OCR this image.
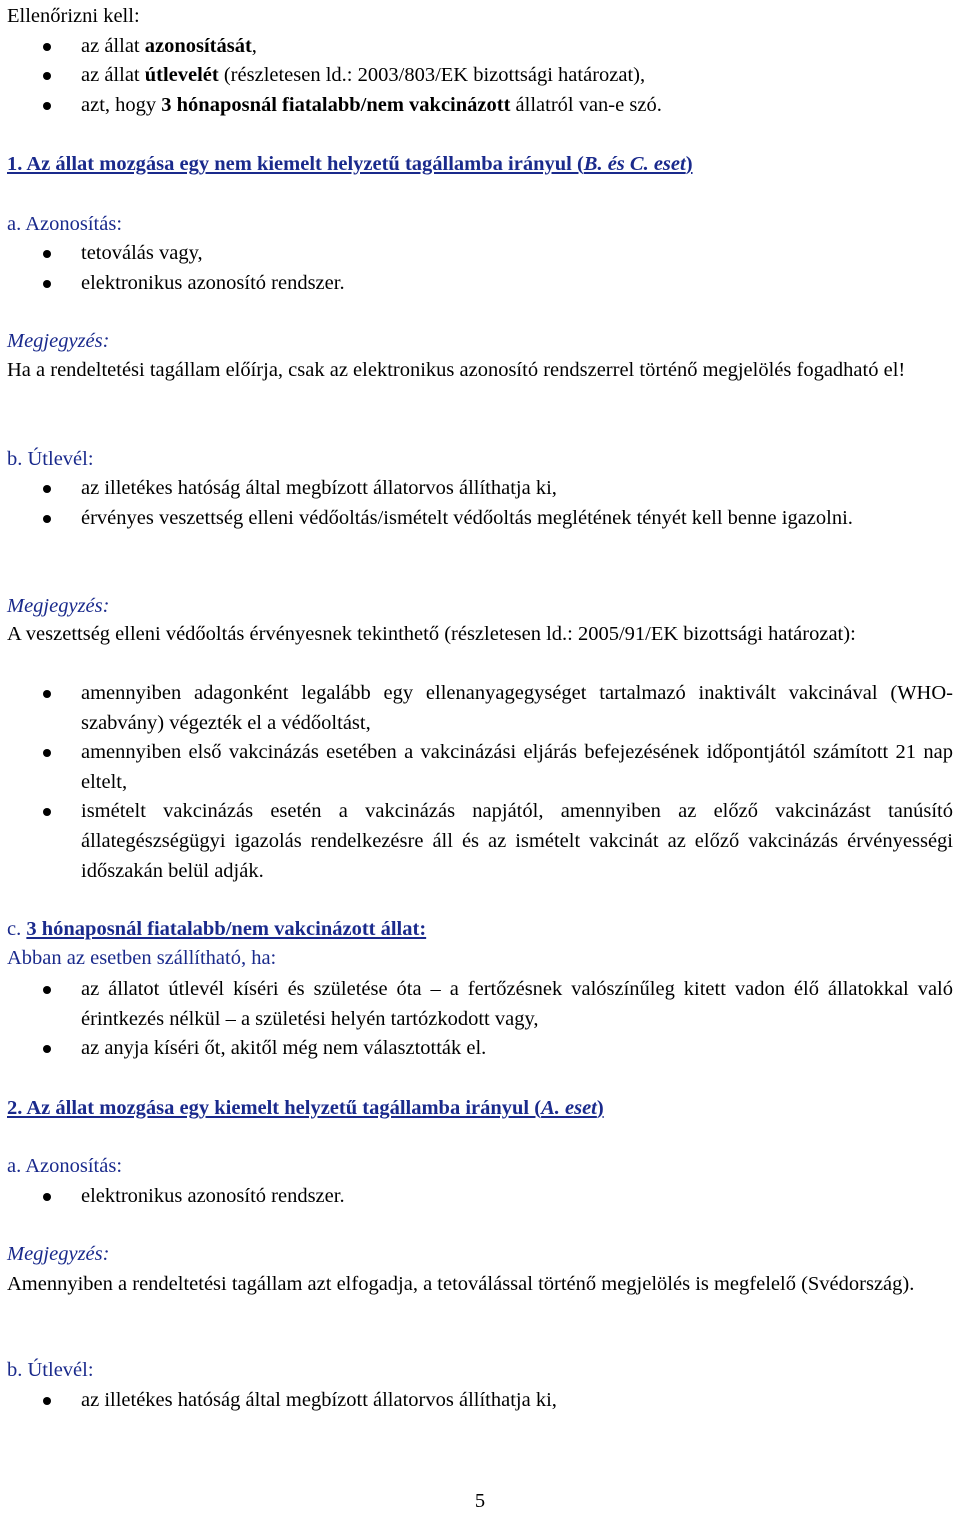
Ellenőrizni kell:

az állat azonosítását,
az állat útlevelét (részletesen ld.: 2003/803/EK bizottsági határozat),
azt, hogy 3 hónaposnál fiatalabb/nem vakcinázott állatról van-e szó.

1. Az állat mozgása egy nem kiemelt helyzetű tagállamba irányul (B. és C. eset)

a. Azonosítás:

tetoválás vagy,
elektronikus azonosító rendszer.

Megjegyzés:

Ha a rendeltetési tagállam előírja, csak az elektronikus azonosító rendszerrel történő megjelölés fogadható el!

b. Útlevél:

az illetékes hatóság által megbízott állatorvos állíthatja ki,
érvényes veszettség elleni védőoltás/ismételt védőoltás meglétének tényét kell benne igazolni.

Megjegyzés:

A veszettség elleni védőoltás érvényesnek tekinthető (részletesen ld.: 2005/91/EK bizottsági határozat):

amennyiben adagonként legalább egy ellenanyagegységet tartalmazó inaktivált vakcinával (WHO-szabvány) végezték el a védőoltást,
amennyiben első vakcinázás esetében a vakcinázási eljárás befejezésének időpontjától számított 21 nap eltelt,
ismételt vakcinázás esetén a vakcinázás napjától, amennyiben az előző vakcinázást tanúsító állategészségügyi igazolás rendelkezésre áll és az ismételt vakcinát az előző vakcinázás érvényességi időszakán belül adják.

c. 3 hónaposnál fiatalabb/nem vakcinázott állat:

Abban az esetben szállítható, ha:

az állatot útlevél kíséri és születése óta – a fertőzésnek valószínűleg kitett vadon élő állatokkal való érintkezés nélkül – a születési helyén tartózkodott vagy,
az anyja kíséri őt, akitől még nem választották el.

2. Az állat mozgása egy kiemelt helyzetű tagállamba irányul (A. eset)

a. Azonosítás:

elektronikus azonosító rendszer.

Megjegyzés:

Amennyiben a rendeltetési tagállam azt elfogadja, a tetoválással történő megjelölés is megfelelő (Svédország).

b. Útlevél:

az illetékes hatóság által megbízott állatorvos állíthatja ki,
5
